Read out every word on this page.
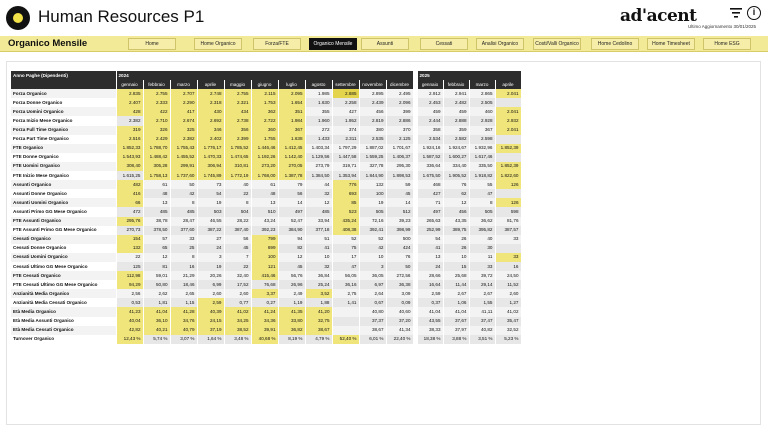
Human Resources P1	ad'acent	i
Ultimo Aggiornamento 30/01/2025
Organico Mensile	Home	Home Organico	Forza/FTE	Organico Mensile	Assunti	Cessati	Analisi Organico	Costi/Valli Organico	Home Cedolino	Home Timesheet	Home ESG
Anno Paghe (Dipendenti)	2024												2025			
	gennaio	febbraio	marzo	aprile	maggio	giugno	luglio	agosto	settembre	novembre	dicembre		gennaio	febbraio	marzo	aprile
Forza Organico	2.835	2.755	2.707	2.748	2.755	2.115	2.095	1.985	2.685	2.895	2.495		2.912	2.941	2.865	2.041
Forza Donne Organico	2.407	2.333	2.290	2.318	2.321	1.753	1.654	1.630	2.258	2.439	2.096		2.453	2.482	2.505	
Forza Uomini Organico	428	422	417	430	434	362	351	355	427	456	399		459	459	460	2.041
Forza Inizio Mese Organico	2.382	2.710	2.674	2.692	2.738	2.722	1.984	1.960	1.952	2.819	2.886		2.444	2.888	2.928	2.932
Forza Full Time Organico	319	326	325	346	356	360	367	272	374	380	370		358	359	367	2.041
Forza Part Time Organico	2.516	2.429	2.382	2.402	2.399	1.755	1.638	1.433	2.311	2.535	2.125		2.534	2.582	2.598	
FTE Organico	1.852,33	1.788,70	1.755,43	1.776,17	1.785,52	1.446,46	1.412,45	1.403,34	1.797,29	1.887,02	1.701,67		1.924,16	1.924,67	1.932,96	1.852,39
FTE Donne Organico	1.543,93	1.488,42	1.455,52	1.470,33	1.474,65	1.192,26	1.142,40	1.129,56	1.447,58	1.559,25	1.406,37		1.587,52	1.600,27	1.617,46	
FTE Uomini Organico	308,40	305,28	299,91	306,94	310,81	273,20	270,05	273,79	319,71	327,78	295,30		336,64	334,40	335,50	1.852,39
FTE Inizio Mese Organico	1.615,25	1.758,13	1.737,60	1.745,89	1.772,19	1.768,00	1.387,78	1.384,50	1.353,94	1.844,90	1.898,53		1.675,50	1.905,52	1.918,82	1.822,60
Assunti Organico	482	61	50	73	40	61	79	44	776	132	59		468	76	55	126
Assunti Donne Organico	416	48	42	54	22	48	56	32	693	100	45		427	62	47	
Assunti Uomini Organico	66	13	8	19	8	13	14	12	85	19	14		71	12	8	126
Assunti Primo GG Mese Organico	472	485	485	503	504	510	497	485	523	505	512		497	456	505	598
FTE Assunti Organico	295,76	38,78	28,47	46,55	28,22	43,24	52,47	33,94	435,24	72,16	39,23		265,63	43,35	36,62	81,76
FTE Assunti Primo GG Mese Organico	270,73	378,50	377,60	387,22	387,40	392,23	384,90	377,18	408,38	392,41	398,99		252,99	389,75	395,82	387,57
Cessati Organico	154	57	33	27	56	799	94	51	52	52	500		54	26	40	33
Cessati Donne Organico	132	65	25	24	45	699	82	41	75	42	424		41	26	30	
Cessati Uomini Organico	22	12	8	3	7	100	12	10	17	10	76		13	10	11	33
Cessati Ultimo GG Mese Organico	125	81	16	19	22	121	45	32	47	3	50		24	15	33	16
FTE Cessati Organico	112,98	59,01	21,29	20,26	32,40	415,46	56,76	36,84	56,05	36,05	272,56		28,66	25,68	39,72	24,50
FTE Cessati Ultimo GG Mese Organico	94,29	50,80	18,46	6,99	17,52	76,68	26,96	25,24	36,16	6,97	36,38		16,64	11,44	29,14	11,52
Anzianità Media Organico	2,56	2,62	2,65	2,60	2,60	3,37	2,49	3,52	2,75	2,64	3,09		2,59	2,67	2,67	2,60
Anzianità Media Cessati Organico	0,53	1,81	1,15	2,59	0,77	0,27	1,19	1,88	1,41	0,67	0,09		0,37	1,06	1,55	1,27
Età Media Organico	41,23	41,04	41,28	40,39	41,02	41,24	41,35	41,20		40,80	40,60		41,04	41,04	41,11	41,02
Età Media Assunti Organico	40,04	36,10	34,76	24,15	34,25	34,36	33,80	32,75		37,37	37,20		43,55	37,67	37,47	35,47
Età Media Cessati Organico	42,82	40,21	40,79	37,19	38,52	39,91	36,82	38,67		38,67	41,34		38,33	37,97	40,82	32,52
Turnover Organico	12,43 %	5,74 %	3,07 %	1,64 %	3,48 %	40,68 %	8,19 %	4,79 %	52,40 %	6,01 %	22,40 %		18,38 %	3,88 %	3,51 %	5,23 %
